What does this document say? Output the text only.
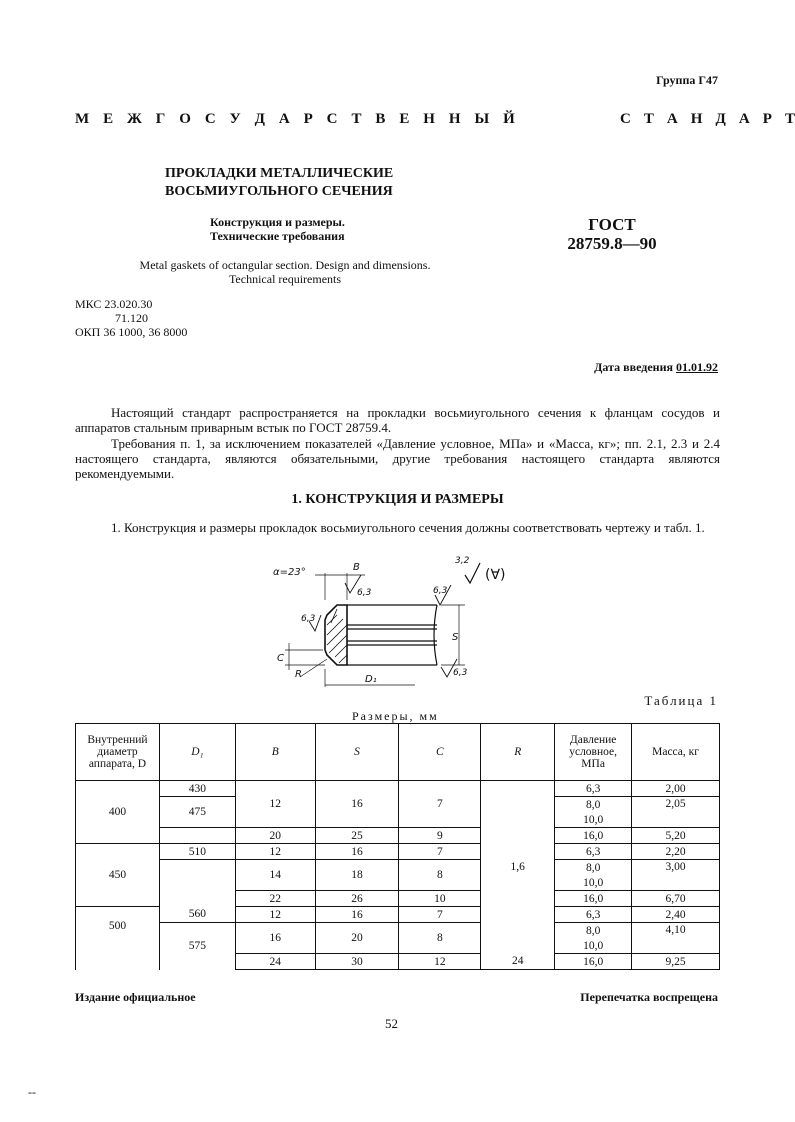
Группа Г47
М Е Ж Г О С У Д А Р С Т В Е Н Н Ы Й	С Т А Н Д А Р Т
ПРОКЛАДКИ МЕТАЛЛИЧЕСКИЕ
ВОСЬМИУГОЛЬНОГО СЕЧЕНИЯ
Конструкция и размеры.
Технические требования
ГОСТ
28759.8—90
Metal gaskets of octangular section. Design and dimensions.
Technical requirements
МКС 23.020.30
71.120
ОКП 36 1000, 36 8000
Дата введения 01.01.92
Настоящий стандарт распространяется на прокладки восьмиугольного сечения к фланцам сосудов и аппаратов стальным приварным встык по ГОСТ 28759.4.
Требования п. 1, за исключением показателей «Давление условное, МПа» и «Масса, кг»; пп. 2.1, 2.3 и 2.4 настоящего стандарта, являются обязательными, другие требования настоящего стандарта являются рекомендуемыми.
1. КОНСТРУКЦИЯ И РАЗМЕРЫ
1. Конструкция и размеры прокладок восьмиугольного сечения должны соответствовать чертежу и табл. 1.
α=23°	B
S
C
R	D₁
6,3
3,2
(∀)
6,3
6,3
6,3
Таблица 1
Размеры, мм
Внутренний диаметр аппарата, D	D₁	B	S	C	R	Давление условное, МПа	Масса, кг
400	430	12	16	7	1,6	6,3	2,00
	475					8,0	2,05
						10,0	
		20	25	9		16,0	5,20
450	510	12	16	7		6,3	2,20
		14	18	8		8,0	3,00
						10,0	
		22	26	10		16,0	6,70
500	560	12	16	7		6,3	2,40
	575	16	20	8		8,0	4,10
						10,0	
		24	30	12	24	16,0	9,25
Издание официальное	Перепечатка воспрещена
52
--
